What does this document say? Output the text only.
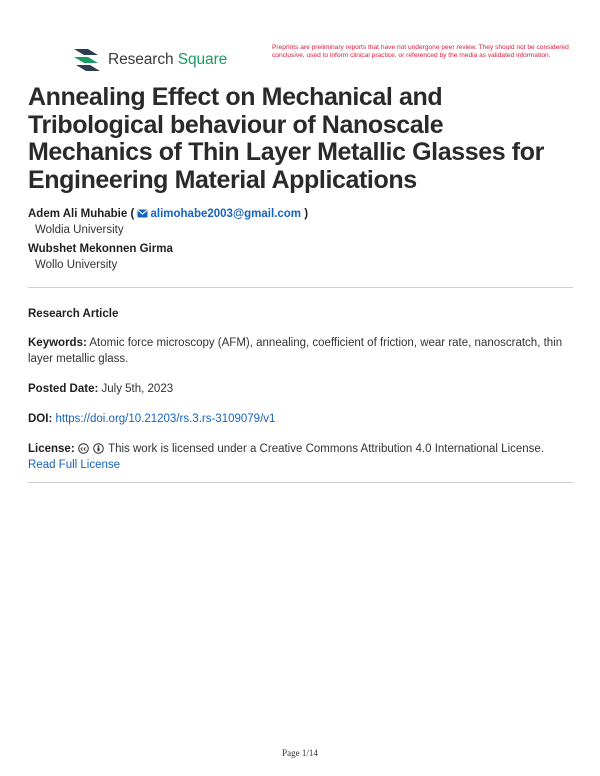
Research Square
Preprints are preliminary reports that have not undergone peer review. They should not be considered conclusive, used to inform clinical practice, or referenced by the media as validated information.
Annealing Effect on Mechanical and Tribological behaviour of Nanoscale Mechanics of Thin Layer Metallic Glasses for Engineering Material Applications
Adem Ali Muhabie ( alimohabe2003@gmail.com )
Woldia University
Wubshet Mekonnen Girma
Wollo University
Research Article
Keywords: Atomic force microscopy (AFM), annealing, coefficient of friction, wear rate, nanoscratch, thin layer metallic glass.
Posted Date: July 5th, 2023
DOI: https://doi.org/10.21203/rs.3.rs-3109079/v1
License: cc This work is licensed under a Creative Commons Attribution 4.0 International License.
Read Full License
Page 1/14
